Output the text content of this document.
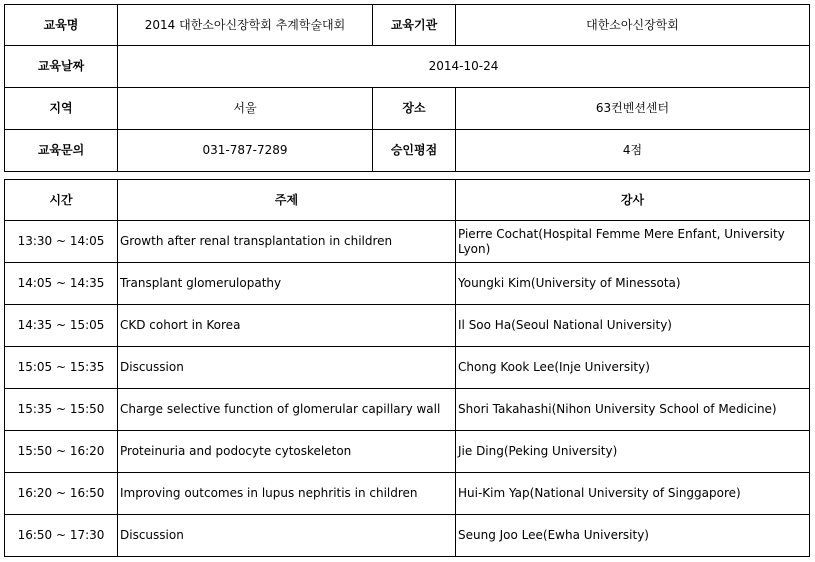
교육명	2014 대한소아신장학회 추계학술대회	교육기관	대한소아신장학회
교육날짜	2014-10-24		
지역	서울	장소	63컨벤션센터
교육문의	031-787-7289	승인평점	4점
시간	주제	강사
13:30 ~ 14:05	Growth after renal transplantation in children	Pierre Cochat(Hospital Femme Mere Enfant, University Lyon)
14:05 ~ 14:35	Transplant glomerulopathy	Youngki Kim(University of Minessota)
14:35 ~ 15:05	CKD cohort in Korea	Il Soo Ha(Seoul National University)
15:05 ~ 15:35	Discussion	Chong Kook Lee(Inje University)
15:35 ~ 15:50	Charge selective function of glomerular capillary wall	Shori Takahashi(Nihon University School of Medicine)
15:50 ~ 16:20	Proteinuria and podocyte cytoskeleton	Jie Ding(Peking University)
16:20 ~ 16:50	Improving outcomes in lupus nephritis in children	Hui-Kim Yap(National University of Singgapore)
16:50 ~ 17:30	Discussion	Seung Joo Lee(Ewha University)
